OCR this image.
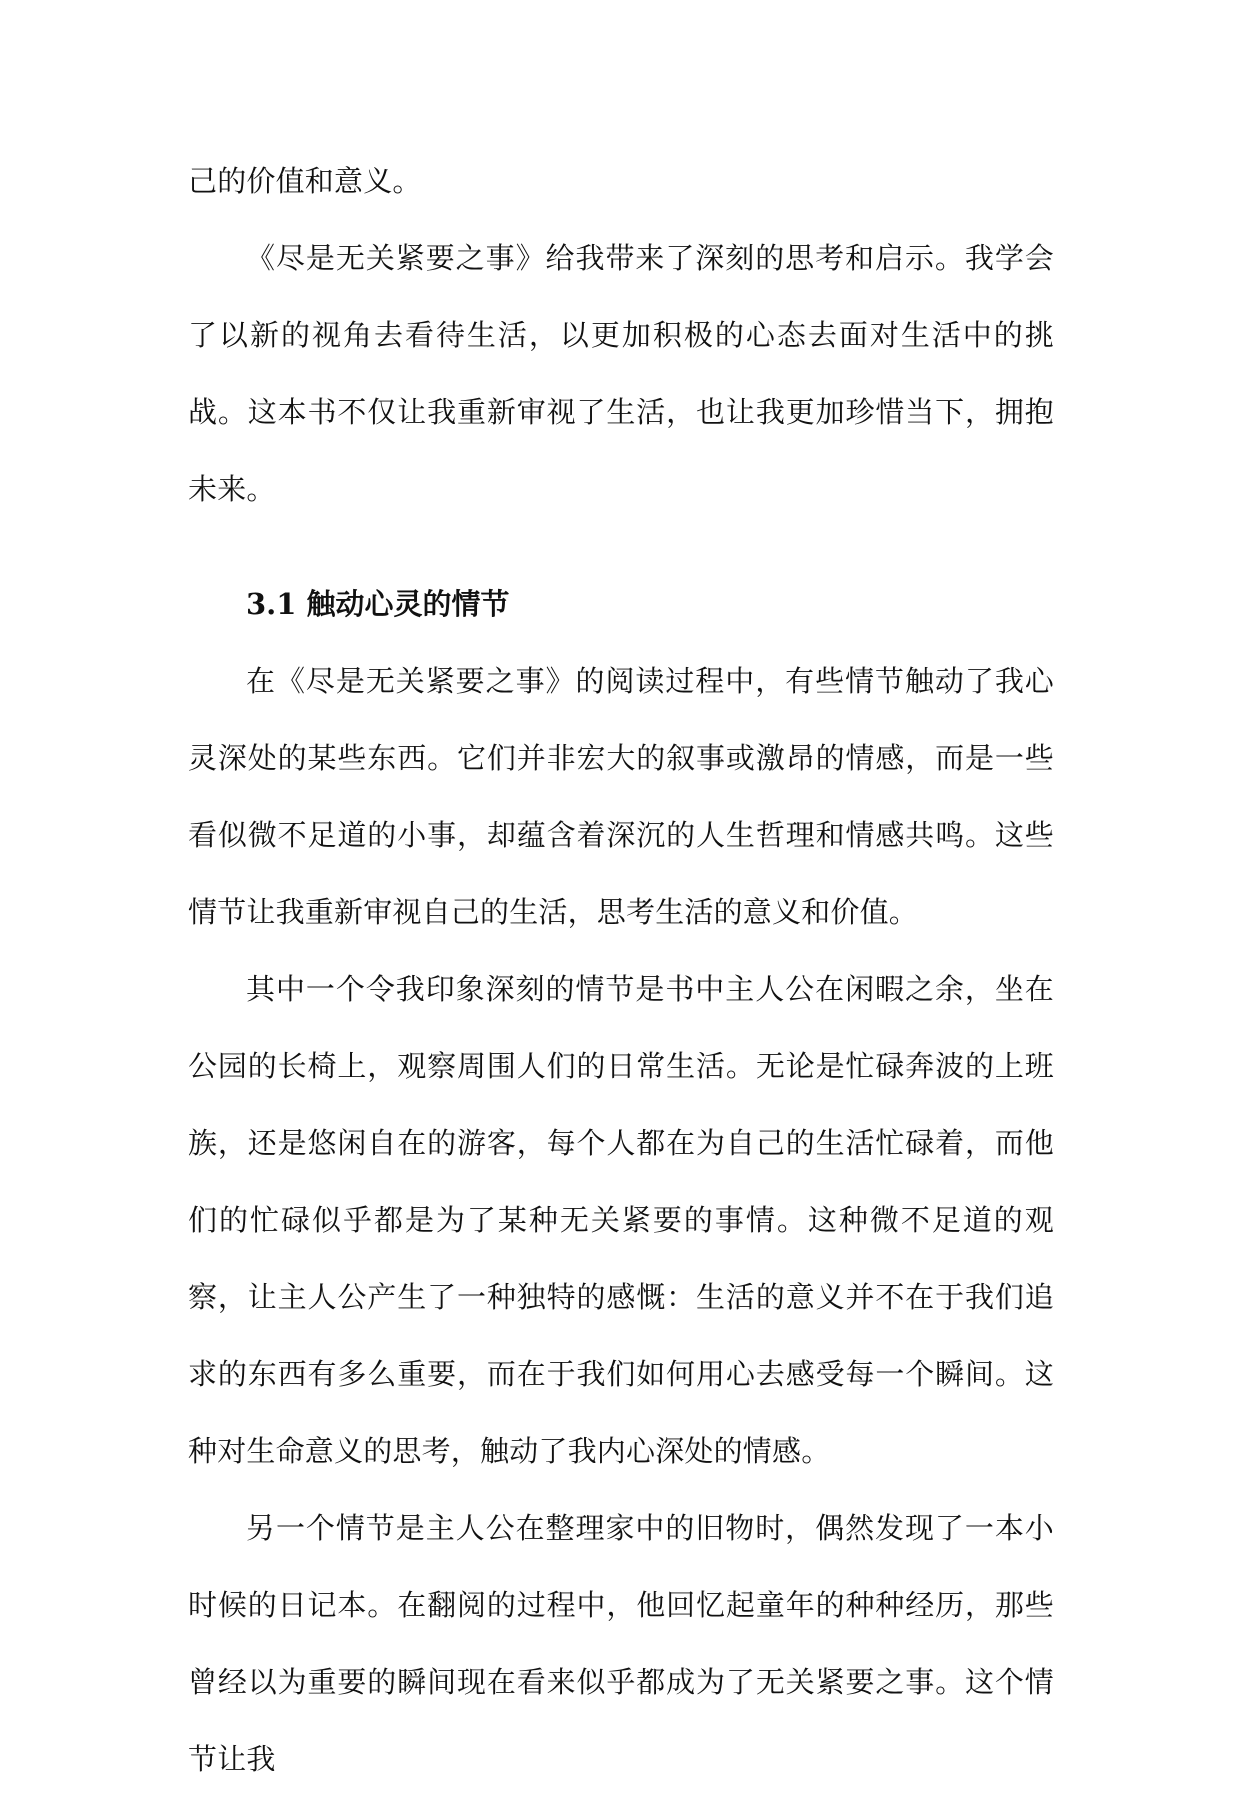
己的价值和意义。

《尽是无关紧要之事》给我带来了深刻的思考和启示。我学会了以新的视角去看待生活，以更加积极的心态去面对生活中的挑战。这本书不仅让我重新审视了生活，也让我更加珍惜当下，拥抱未来。

3.1 触动心灵的情节

在《尽是无关紧要之事》的阅读过程中，有些情节触动了我心灵深处的某些东西。它们并非宏大的叙事或激昂的情感，而是一些看似微不足道的小事，却蕴含着深沉的人生哲理和情感共鸣。这些情节让我重新审视自己的生活，思考生活的意义和价值。

其中一个令我印象深刻的情节是书中主人公在闲暇之余，坐在公园的长椅上，观察周围人们的日常生活。无论是忙碌奔波的上班族，还是悠闲自在的游客，每个人都在为自己的生活忙碌着，而他们的忙碌似乎都是为了某种无关紧要的事情。这种微不足道的观察，让主人公产生了一种独特的感慨：生活的意义并不在于我们追求的东西有多么重要，而在于我们如何用心去感受每一个瞬间。这种对生命意义的思考，触动了我内心深处的情感。

另一个情节是主人公在整理家中的旧物时，偶然发现了一本小时候的日记本。在翻阅的过程中，他回忆起童年的种种经历，那些曾经以为重要的瞬间现在看来似乎都成为了无关紧要之事。这个情节让我
